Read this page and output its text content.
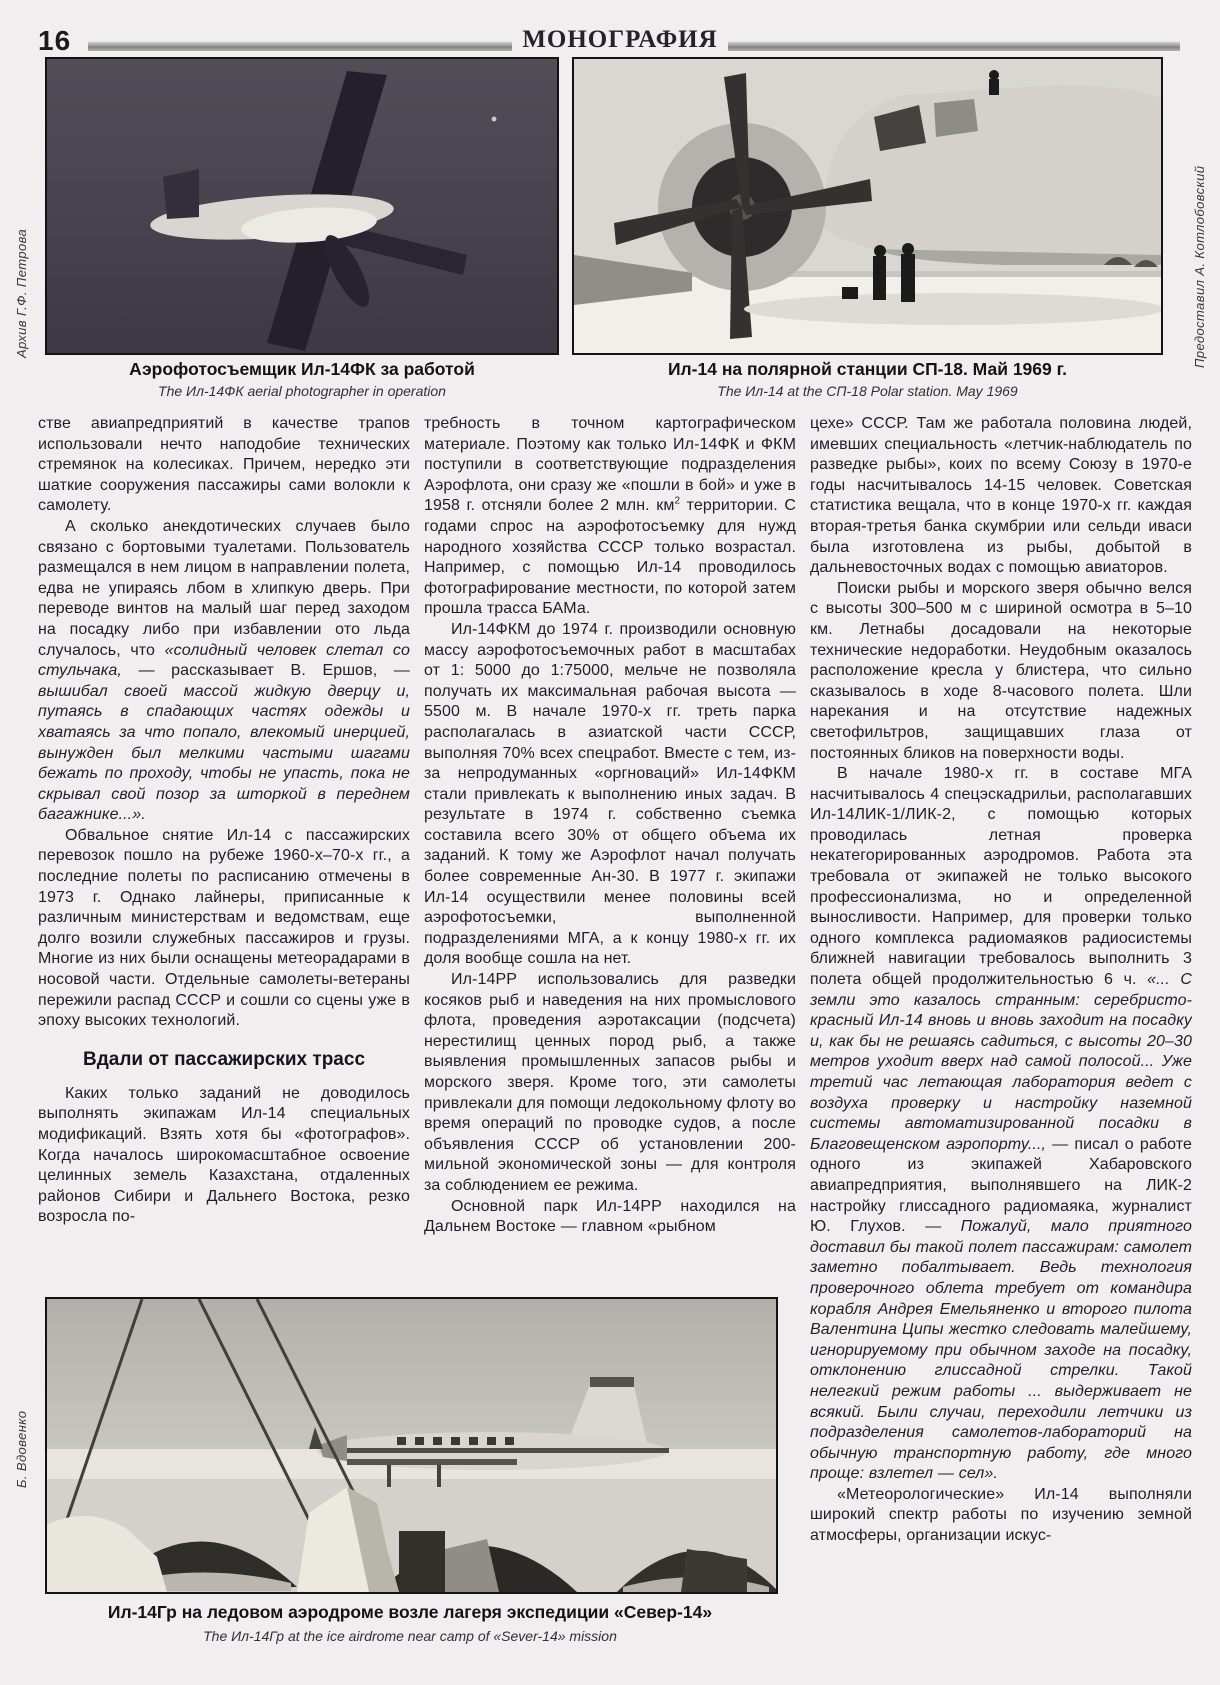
16	МОНОГРАФИЯ
Архив Г.Ф. Петрова	Предоставил А. Котлобовский
Б. Вдовенко
Аэрофотосъемщик Ил-14ФК за работой
The Ил-14ФК aerial photographer in operation
Ил-14 на полярной станции СП-18. Май 1969 г.
The Ил-14 at the СП-18 Polar station. May 1969

стве авиапредприятий в качестве трапов использовали нечто наподобие технических стремянок на колесиках. Причем, нередко эти шаткие сооружения пассажиры сами волокли к самолету.

А сколько анекдотических случаев было связано с бортовыми туалетами. Пользователь размещался в нем лицом в направлении полета, едва не упираясь лбом в хлипкую дверь. При переводе винтов на малый шаг перед заходом на посадку либо при избавлении ото льда случалось, что «солидный человек слетал со стульчака, — рассказывает В. Ершов, — вышибал своей массой жидкую дверцу и, путаясь в спадающих частях одежды и хватаясь за что попало, влекомый инерцией, вынужден был мелкими частыми шагами бежать по проходу, чтобы не упасть, пока не скрывал свой позор за шторкой в переднем багажнике...».

Обвальное снятие Ил-14 с пассажирских перевозок пошло на рубеже 1960-х–70-х гг., а последние полеты по расписанию отмечены в 1973 г. Однако лайнеры, приписанные к различным министерствам и ведомствам, еще долго возили служебных пассажиров и грузы. Многие из них были оснащены метеорадарами в носовой части. Отдельные самолеты-ветераны пережили распад СССР и сошли со сцены уже в эпоху высоких технологий.

Вдали от пассажирских трасс

Каких только заданий не доводилось выполнять экипажам Ил-14 специальных модификаций. Взять хотя бы «фотографов». Когда началось широкомасштабное освоение целинных земель Казахстана, отдаленных районов Сибири и Дальнего Востока, резко возросла по-

требность в точном картографическом материале. Поэтому как только Ил-14ФК и ФКМ поступили в соответствующие подразделения Аэрофлота, они сразу же «пошли в бой» и уже в 1958 г. отсняли более 2 млн. $км^2$ территории. С годами спрос на аэрофотосъемку для нужд народного хозяйства СССР только возрастал. Например, с помощью Ил-14 проводилось фотографирование местности, по которой затем прошла трасса БАМа.

Ил-14ФКМ до 1974 г. производили основную массу аэрофотосъемочных работ в масштабах от 1: 5000 до 1:75000, мельче не позволяла получать их максимальная рабочая высота — 5500 м. В начале 1970-х гг. треть парка располагалась в азиатской части СССР, выполняя 70% всех спецработ. Вместе с тем, из-за непродуманных «оргноваций» Ил-14ФКМ стали привлекать к выполнению иных задач. В результате в 1974 г. собственно съемка составила всего 30% от общего объема их заданий. К тому же Аэрофлот начал получать более современные Ан-30. В 1977 г. экипажи Ил-14 осуществили менее половины всей аэрофотосъемки, выполненной подразделениями МГА, а к концу 1980-х гг. их доля вообще сошла на нет.

Ил-14РР использовались для разведки косяков рыб и наведения на них промыслового флота, проведения аэротаксации (подсчета) нерестилищ ценных пород рыб, а также выявления промышленных запасов рыбы и морского зверя. Кроме того, эти самолеты привлекали для помощи ледокольному флоту во время операций по проводке судов, а после объявления СССР об установлении 200-мильной экономической зоны — для контроля за соблюдением ее режима.

Основной парк Ил-14РР находился на Дальнем Востоке — главном «рыбном

цехе» СССР. Там же работала половина людей, имевших специальность «летчик-наблюдатель по разведке рыбы», коих по всему Союзу в 1970-е годы насчитывалось 14-15 человек. Советская статистика вещала, что в конце 1970-х гг. каждая вторая-третья банка скумбрии или сельди иваси была изготовлена из рыбы, добытой в дальневосточных водах с помощью авиаторов.

Поиски рыбы и морского зверя обычно велся с высоты 300–500 м с шириной осмотра в 5–10 км. Летнабы досадовали на некоторые технические недоработки. Неудобным оказалось расположение кресла у блистера, что сильно сказывалось в ходе 8-часового полета. Шли нарекания и на отсутствие надежных светофильтров, защищавших глаза от постоянных бликов на поверхности воды.

В начале 1980-х гг. в составе МГА насчитывалось 4 спецэскадрильи, располагавших Ил-14ЛИК-1/ЛИК-2, с помощью которых проводилась летная проверка некатегорированных аэродромов. Работа эта требовала от экипажей не только высокого профессионализма, но и определенной выносливости. Например, для проверки только одного комплекса радиомаяков радиосистемы ближней навигации требовалось выполнить 3 полета общей продолжительностью 6 ч. «... С земли это казалось странным: серебристо-красный Ил-14 вновь и вновь заходит на посадку и, как бы не решаясь садиться, с высоты 20–30 метров уходит вверх над самой полосой... Уже третий час летающая лаборатория ведет с воздуха проверку и настройку наземной системы автоматизированной посадки в Благовещенском аэропорту..., — писал о работе одного из экипажей Хабаровского авиапредприятия, выполнявшего на ЛИК-2 настройку глиссадного радиомаяка, журналист Ю. Глухов. — Пожалуй, мало приятного доставил бы такой полет пассажирам: самолет заметно побалтывает. Ведь технология проверочного облета требует от командира корабля Андрея Емельяненко и второго пилота Валентина Ципы жестко следовать малейшему, игнорируемому при обычном заходе на посадку, отклонению глиссадной стрелки. Такой нелегкий режим работы ... выдерживает не всякий. Были случаи, переходили летчики из подразделения самолетов-лабораторий на обычную транспортную работу, где много проще: взлетел — сел».

«Метеорологические» Ил-14 выполняли широкий спектр работы по изучению земной атмосферы, организации искус-

Ил-14Гр на ледовом аэродроме возле лагеря экспедиции «Север-14»
The Ил-14Гр at the ice airdrome near camp of «Sever-14» mission
